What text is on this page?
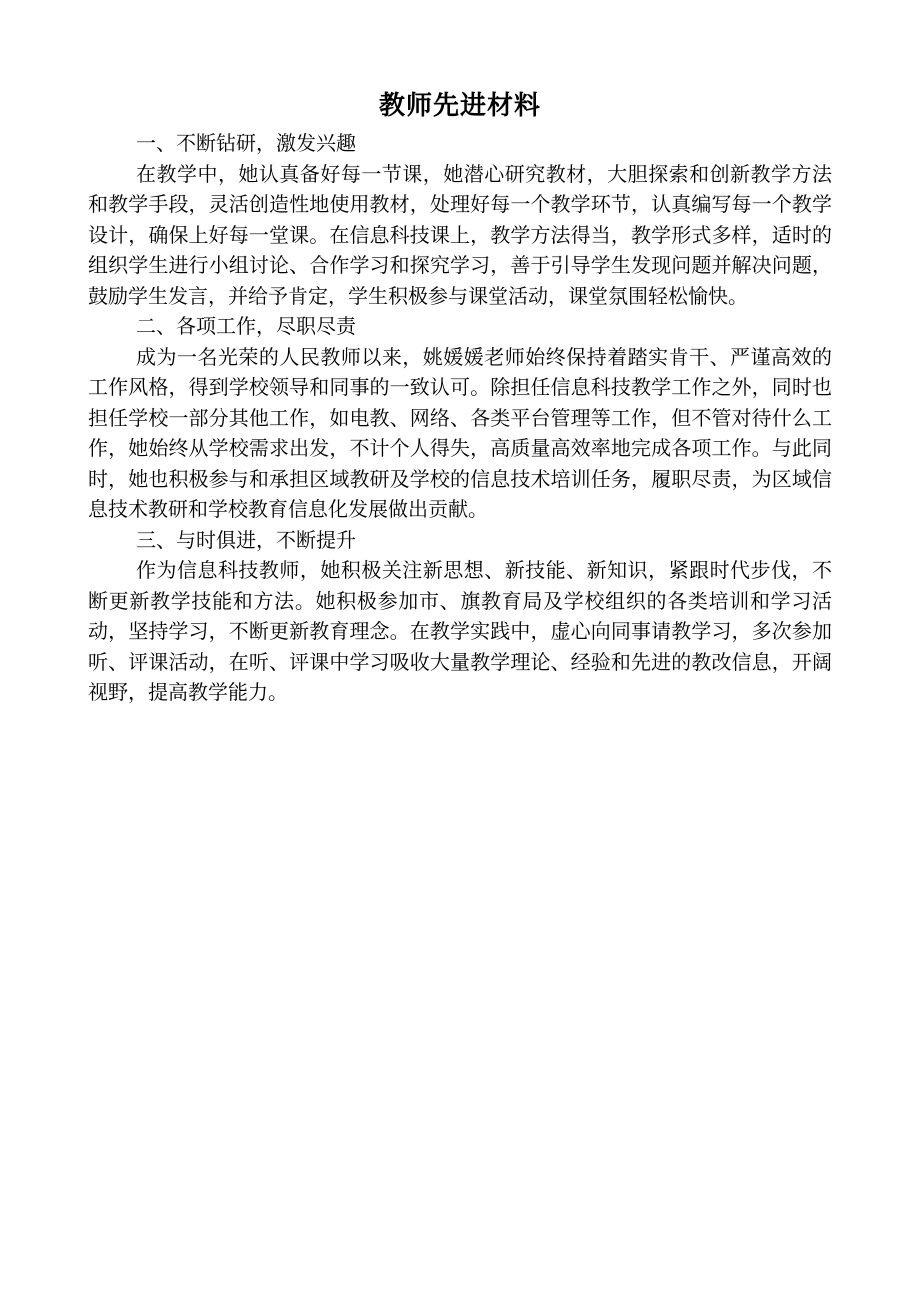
教师先进材料

一、不断钻研，激发兴趣

在教学中，她认真备好每一节课，她潜心研究教材，大胆探索和创新教学方法和教学手段，灵活创造性地使用教材，处理好每一个教学环节，认真编写每一个教学设计，确保上好每一堂课。在信息科技课上，教学方法得当，教学形式多样，适时的组织学生进行小组讨论、合作学习和探究学习，善于引导学生发现问题并解决问题，鼓励学生发言，并给予肯定，学生积极参与课堂活动，课堂氛围轻松愉快。

二、各项工作，尽职尽责

成为一名光荣的人民教师以来，姚媛媛老师始终保持着踏实肯干、严谨高效的工作风格，得到学校领导和同事的一致认可。除担任信息科技教学工作之外，同时也担任学校一部分其他工作，如电教、网络、各类平台管理等工作，但不管对待什么工作，她始终从学校需求出发，不计个人得失，高质量高效率地完成各项工作。与此同时，她也积极参与和承担区域教研及学校的信息技术培训任务，履职尽责，为区域信息技术教研和学校教育信息化发展做出贡献。

三、与时俱进，不断提升

作为信息科技教师，她积极关注新思想、新技能、新知识，紧跟时代步伐，不断更新教学技能和方法。她积极参加市、旗教育局及学校组织的各类培训和学习活动，坚持学习，不断更新教育理念。在教学实践中，虚心向同事请教学习，多次参加听、评课活动，在听、评课中学习吸收大量教学理论、经验和先进的教改信息，开阔视野，提高教学能力。
